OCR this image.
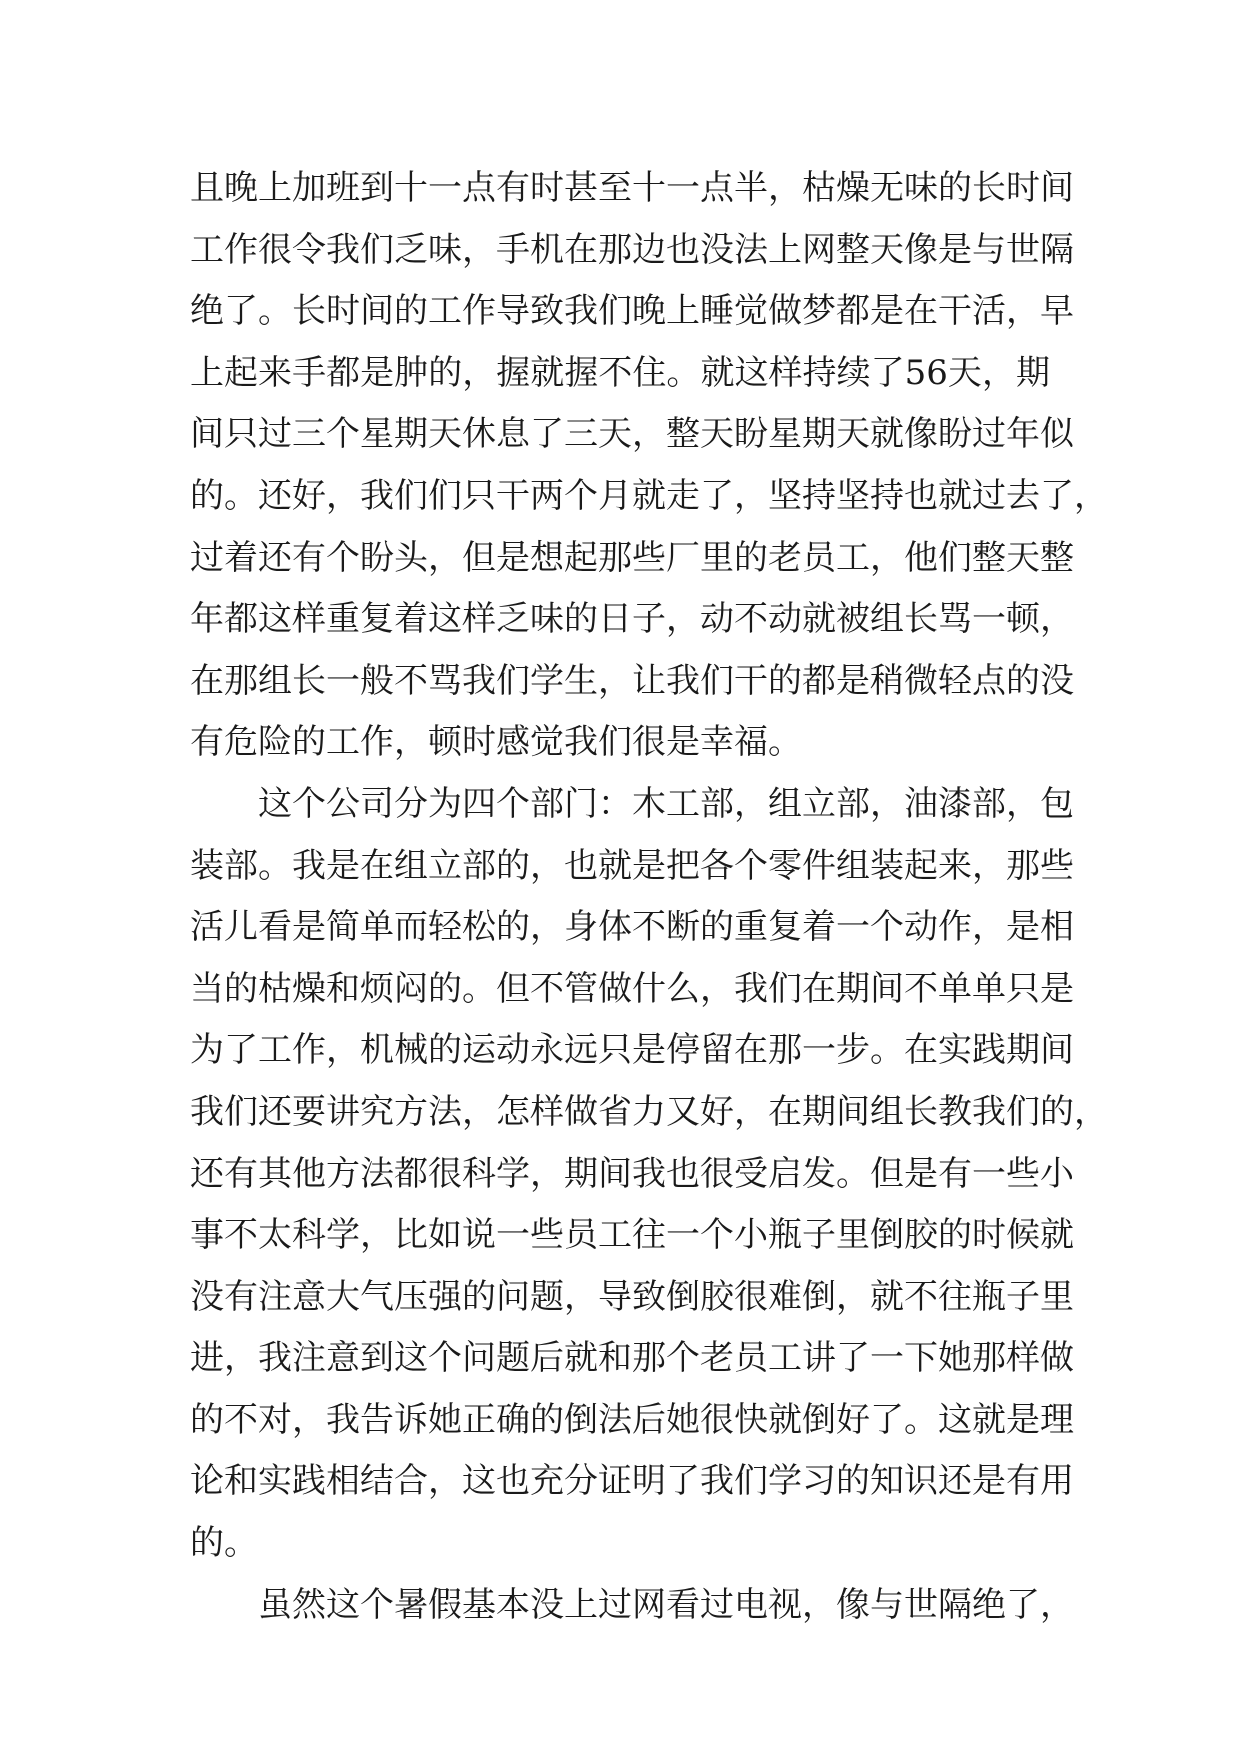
且晚上加班到十一点有时甚至十一点半，枯燥无味的长时间
工作很令我们乏味，手机在那边也没法上网整天像是与世隔
绝了。长时间的工作导致我们晚上睡觉做梦都是在干活，早
上起来手都是肿的，握就握不住。就这样持续了56天，期
间只过三个星期天休息了三天，整天盼星期天就像盼过年似
的。还好，我们们只干两个月就走了，坚持坚持也就过去了，
过着还有个盼头，但是想起那些厂里的老员工，他们整天整
年都这样重复着这样乏味的日子，动不动就被组长骂一顿，
在那组长一般不骂我们学生，让我们干的都是稍微轻点的没
有危险的工作，顿时感觉我们很是幸福。
这个公司分为四个部门：木工部，组立部，油漆部，包
装部。我是在组立部的，也就是把各个零件组装起来，那些
活儿看是简单而轻松的，身体不断的重复着一个动作，是相
当的枯燥和烦闷的。但不管做什么，我们在期间不单单只是
为了工作，机械的运动永远只是停留在那一步。在实践期间
我们还要讲究方法，怎样做省力又好，在期间组长教我们的，
还有其他方法都很科学，期间我也很受启发。但是有一些小
事不太科学，比如说一些员工往一个小瓶子里倒胶的时候就
没有注意大气压强的问题，导致倒胶很难倒，就不往瓶子里
进，我注意到这个问题后就和那个老员工讲了一下她那样做
的不对，我告诉她正确的倒法后她很快就倒好了。这就是理
论和实践相结合，这也充分证明了我们学习的知识还是有用
的。
虽然这个暑假基本没上过网看过电视，像与世隔绝了，
